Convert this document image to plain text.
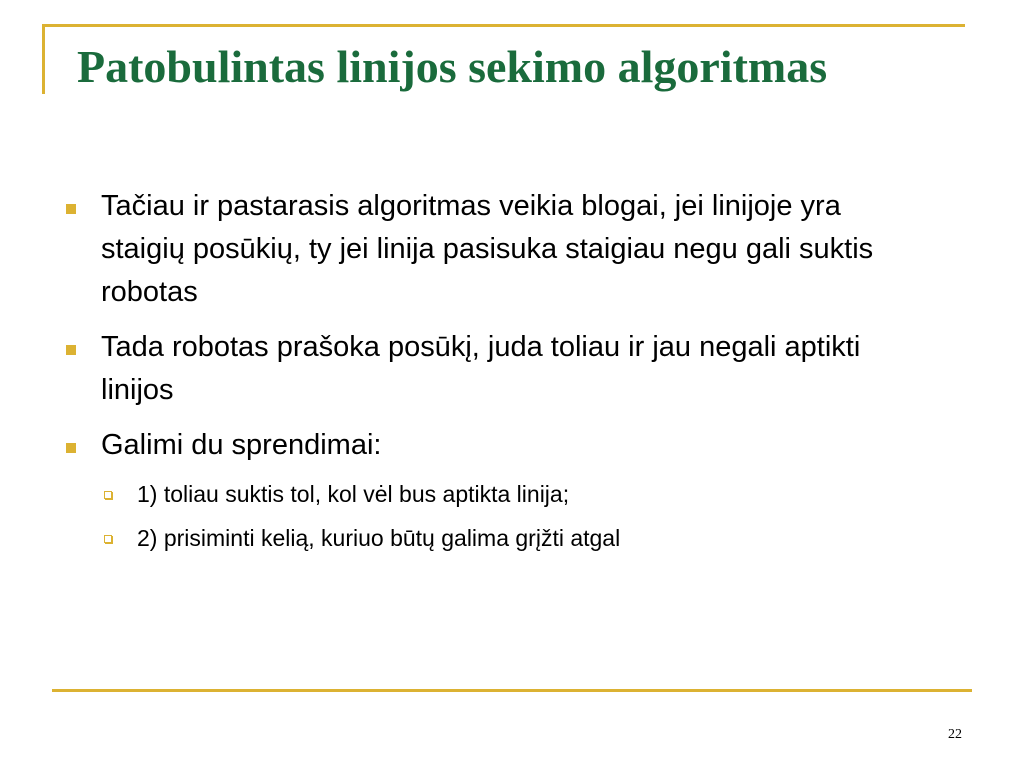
Patobulintas linijos sekimo algoritmas
Tačiau ir pastarasis algoritmas veikia blogai, jei linijoje yra staigių posūkių, ty jei linija pasisuka staigiau negu gali suktis robotas
Tada robotas prašoka posūkį, juda toliau ir jau negali aptikti linijos
Galimi du sprendimai:
1) toliau suktis tol, kol vėl bus aptikta linija;
2) prisiminti kelią, kuriuo būtų galima grįžti atgal
22
